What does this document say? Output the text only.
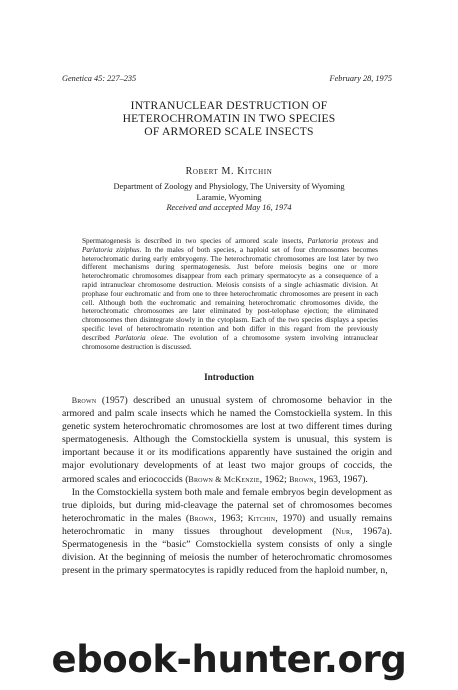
Genetica 45: 227–235	February 28, 1975
INTRANUCLEAR DESTRUCTION OF
HETEROCHROMATIN IN TWO SPECIES
OF ARMORED SCALE INSECTS
Robert M. Kitchin
Department of Zoology and Physiology, The University of Wyoming
Laramie, Wyoming
Received and accepted May 16, 1974

Spermatogenesis is described in two species of armored scale insects, Parlatoria proteus and Parlatoria ziziphus. In the males of both species, a haploid set of four chromosomes becomes heterochromatic during early embryogeny. The heterochromatic chromosomes are lost later by two different mechanisms during spermatogenesis. Just before meiosis begins one or more heterochromatic chromosomes disappear from each primary spermatocyte as a consequence of a rapid intranuclear chromosome destruction. Meiosis consists of a single achiasmatic division. At prophase four euchromatic and from one to three heterochromatic chromosomes are present in each cell. Although both the euchromatic and remaining heterochromatic chromosomes divide, the heterochromatic chromosomes are later eliminated by post-telophase ejection; the eliminated chromosomes then disintegrate slowly in the cytoplasm. Each of the two species displays a species specific level of heterochromatin retention and both differ in this regard from the previously described Parlatoria oleae. The evolution of a chromosome system involving intranuclear chromosome destruction is discussed.

Introduction

 Brown (1957) described an unusual system of chromosome behavior in the armored and palm scale insects which he named the Comstockiella system. In this genetic system heterochromatic chromosomes are lost at two different times during spermatogenesis. Although the Comstockiella system is unusual, this system is important because it or its modifications apparently have sustained the origin and major evolutionary developments of at least two major groups of coccids, the armored scales and eriococcids (Brown & McKenzie, 1962; Brown, 1963, 1967).

 In the Comstockiella system both male and female embryos begin development as true diploids, but during mid-cleavage the paternal set of chromosomes becomes heterochromatic in the males (Brown, 1963; Kitchin, 1970) and usually remains heterochromatic in many tissues throughout development (Nur, 1967a). Spermatogenesis in the “basic” Comstockiella system consists of only a single division. At the beginning of meiosis the number of heterochromatic chromosomes present in the primary spermatocytes is rapidly reduced from the haploid number, n,

ebook-hunter.org
